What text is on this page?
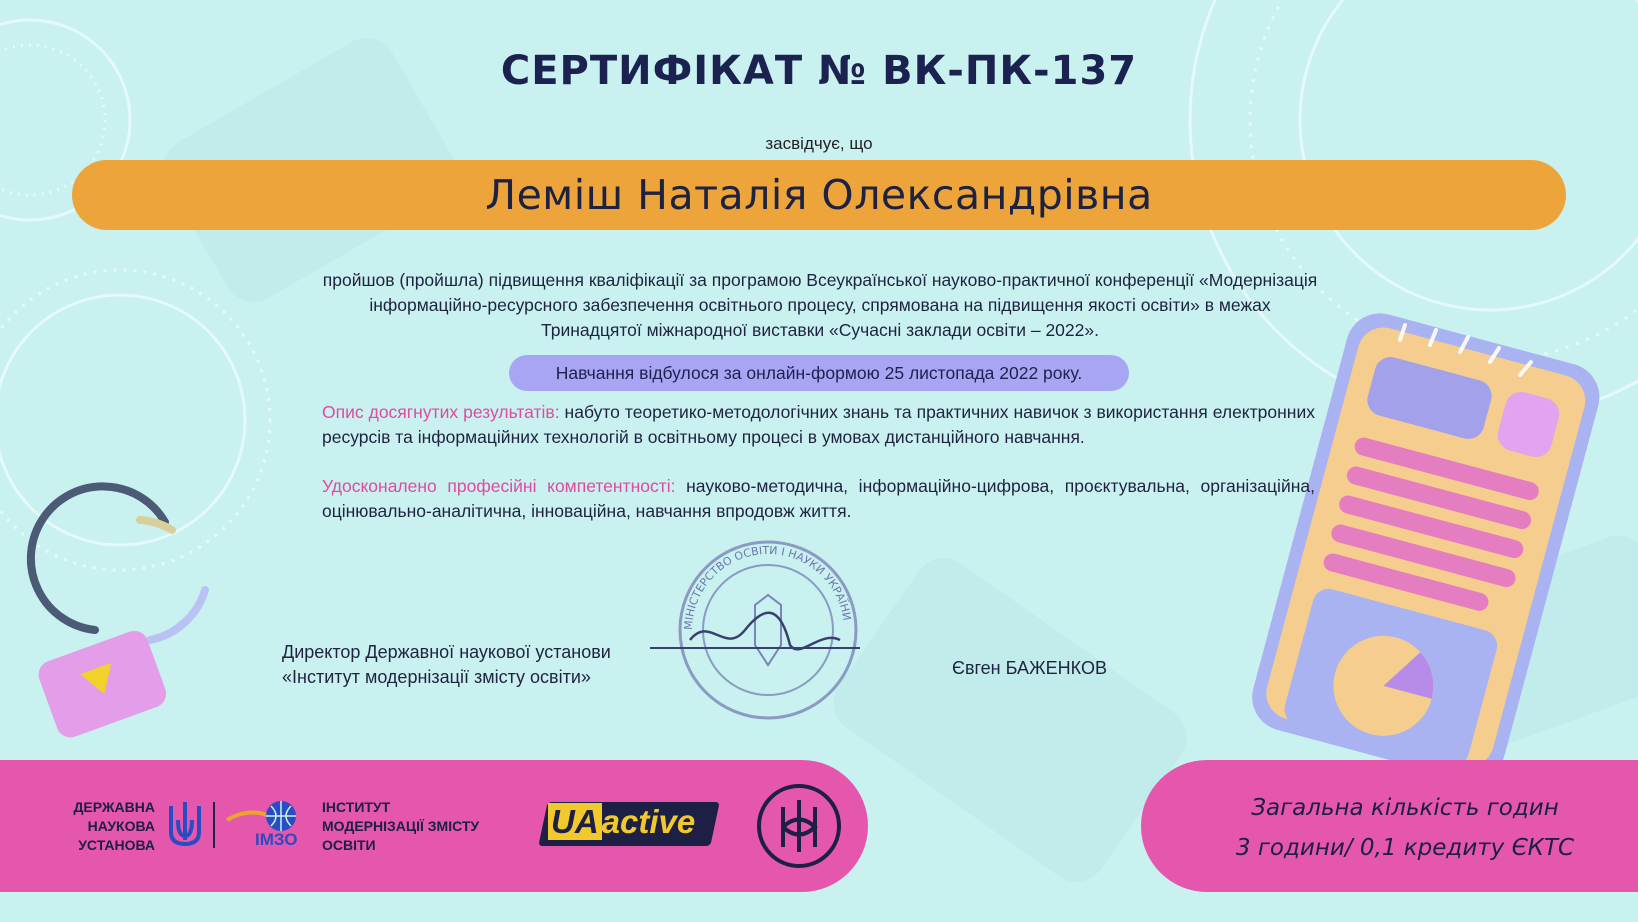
СЕРТИФІКАТ № ВК-ПК-137
засвідчує, що
Леміш Наталія Олександрівна
пройшов (пройшла) підвищення кваліфікації за програмою Всеукраїнської науково-практичної конференції «Модернізація інформаційно-ресурсного забезпечення освітнього процесу, спрямована на підвищення якості освіти» в межах Тринадцятої міжнародної виставки «Сучасні заклади освіти – 2022».
Навчання відбулося за онлайн-формою 25 листопада 2022 року.
Опис досягнутих результатів: набуто теоретико-методологічних знань та практичних навичок з використання електронних ресурсів та інформаційних технологій в освітньому процесі в умовах дистанційного навчання.
Удосконалено професійні компетентності: науково-методична, інформаційно-цифрова, проєктувальна, організаційна, оцінювально-аналітична, інноваційна, навчання впродовж життя.
Директор Державної наукової установи
«Інститут модернізації змісту освіти»
МІНІСТЕРСТВО ОСВІТИ І НАУКИ УКРАЇНИ
Євген БАЖЕНКОВ
ДЕРЖАВНА
НАУКОВА
УСТАНОВА	ІМЗО
ІНСТИТУТ
МОДЕРНІЗАЦІЇ ЗМІСТУ
ОСВІТИ
UAactive	Загальна кількість годин
3 години/ 0,1 кредиту ЄКТС
